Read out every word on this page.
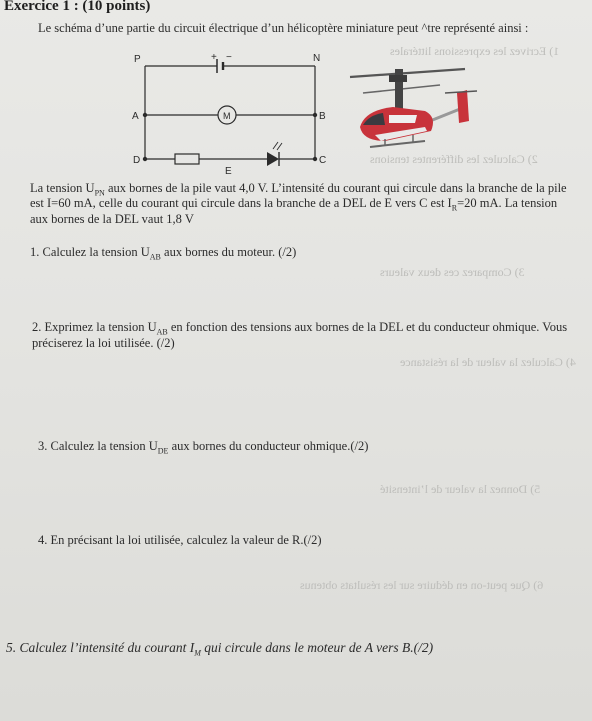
Exercice 1 : (10 points)
Le schéma d’une partie du circuit électrique d’un hélicoptère miniature peut ^tre représenté ainsi :
1) Ecrivez les expressions littérales
2) Calculez les différentes tensions
3) Comparez ces deux valeurs
4) Calculez la valeur de la résistance
5) Donnez la valeur de l’intensité
6) Que peut-on en déduire sur les résultats obtenus
P	N
+ −
A	B
D	C
E
M
La tension $U_{PN}$ aux bornes de la pile vaut 4,0 V. L’intensité du courant qui circule dans la branche de la pile
est I=60 mA, celle du courant qui circule dans la branche de a DEL de E vers C est $I_R=20$ mA. La tension
aux bornes de la DEL vaut 1,8 V
1. Calculez la tension $U_{AB}$ aux bornes du moteur. (/2)
2. Exprimez la tension $U_{AB}$ en fonction des tensions aux bornes de la DEL et du conducteur ohmique. Vous
préciserez la loi utilisée. (/2)
3. Calculez la tension $U_{DE}$ aux bornes du conducteur ohmique.(/2)
4. En précisant la loi utilisée, calculez la valeur de R.(/2)
5. Calculez l’intensité du courant $I_M$ qui circule dans le moteur de A vers B.(/2)
